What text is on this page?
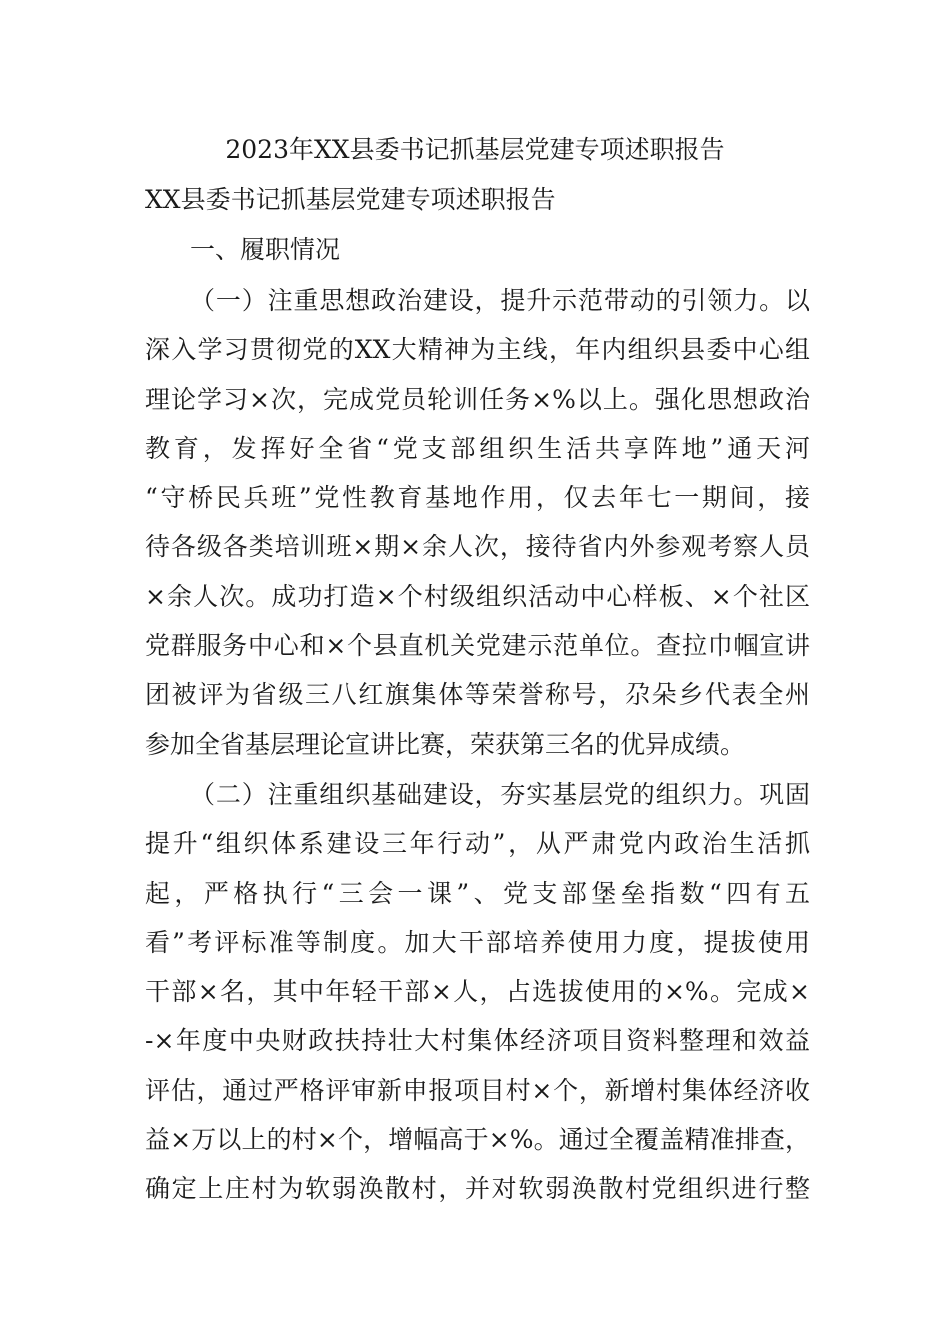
2023年XX县委书记抓基层党建专项述职报告
XX县委书记抓基层党建专项述职报告
一、履职情况
（一）注重思想政治建设，提升示范带动的引领力。以
深入学习贯彻党的XX大精神为主线，年内组织县委中心组
理论学习×次，完成党员轮训任务×%以上。强化思想政治
教育，发挥好全省“党支部组织生活共享阵地”通天河
“守桥民兵班”党性教育基地作用，仅去年七一期间，接
待各级各类培训班×期×余人次，接待省内外参观考察人员
×余人次。成功打造×个村级组织活动中心样板、×个社区
党群服务中心和×个县直机关党建示范单位。查拉巾帼宣讲
团被评为省级三八红旗集体等荣誉称号，尕朵乡代表全州
参加全省基层理论宣讲比赛，荣获第三名的优异成绩。
（二）注重组织基础建设，夯实基层党的组织力。巩固
提升“组织体系建设三年行动”，从严肃党内政治生活抓
起，严格执行“三会一课”、党支部堡垒指数“四有五
看”考评标准等制度。加大干部培养使用力度，提拔使用
干部×名，其中年轻干部×人，占选拔使用的×%。完成×
-×年度中央财政扶持壮大村集体经济项目资料整理和效益
评估，通过严格评审新申报项目村×个，新增村集体经济收
益×万以上的村×个，增幅高于×%。通过全覆盖精准排查，
确定上庄村为软弱涣散村，并对软弱涣散村党组织进行整
